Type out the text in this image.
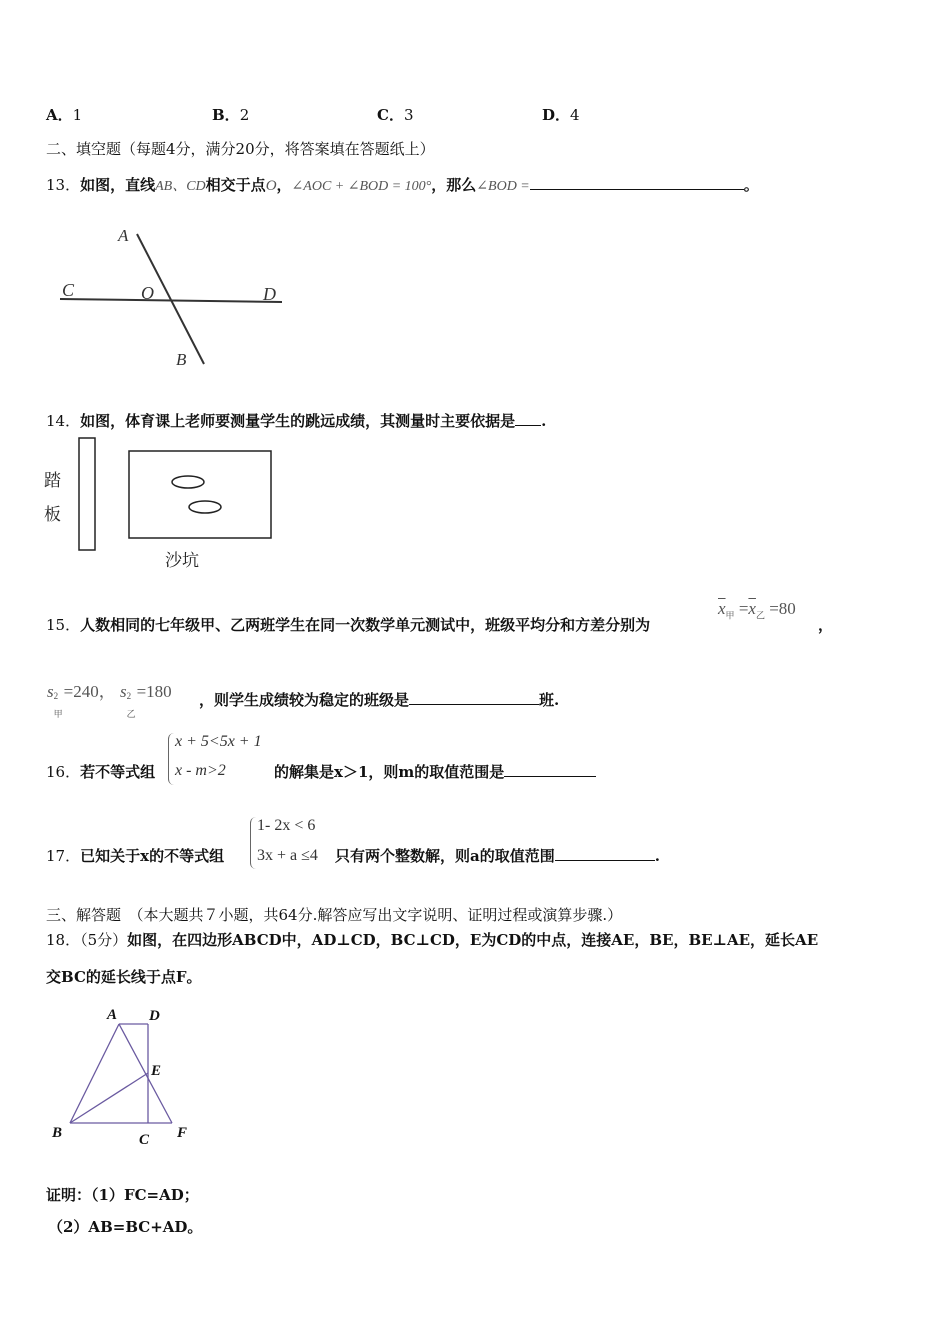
A．1	B．2	C．3	D．4
二、填空题（每题4分，满分20分，将答案填在答题纸上）
13．如图，直线AB、CD相交于点O，∠AOC + ∠BOD = 100°，那么∠BOD =	。
A
B
C	D
O
14．如图，体育课上老师要测量学生的跳远成绩，其测量时主要依据是 .
踏
板
沙坑
15．人数相同的七年级甲、乙两班学生在同一次数学单元测试中，班级平均分和方差分别为
$\overline{x}_甲 =\overline{x}_乙 =80$
，
s 2
甲
=240， s 2
乙
=180 ，则学生成绩较为稳定的班级是	班.
16．若不等式组
x + 5<5x + 1
x - m>2	的解集是x＞1，则m的取值范围是
17．已知关于x的不等式组
1- 2x < 6
3x + a ≤4 只有两个整数解，则a的取值范围	.
三、解答题　（本大题共７小题，共64分.解答应写出文字说明、证明过程或演算步骤.）
18．（5分）如图，在四边形ABCD中，AD⊥CD，BC⊥CD，E为CD的中点，连接AE，BE，BE⊥AE，延长AE
交BC的延长线于点F。
A D
E
B	C F
证明：（1）FC=AD；
（2）AB=BC+AD。
